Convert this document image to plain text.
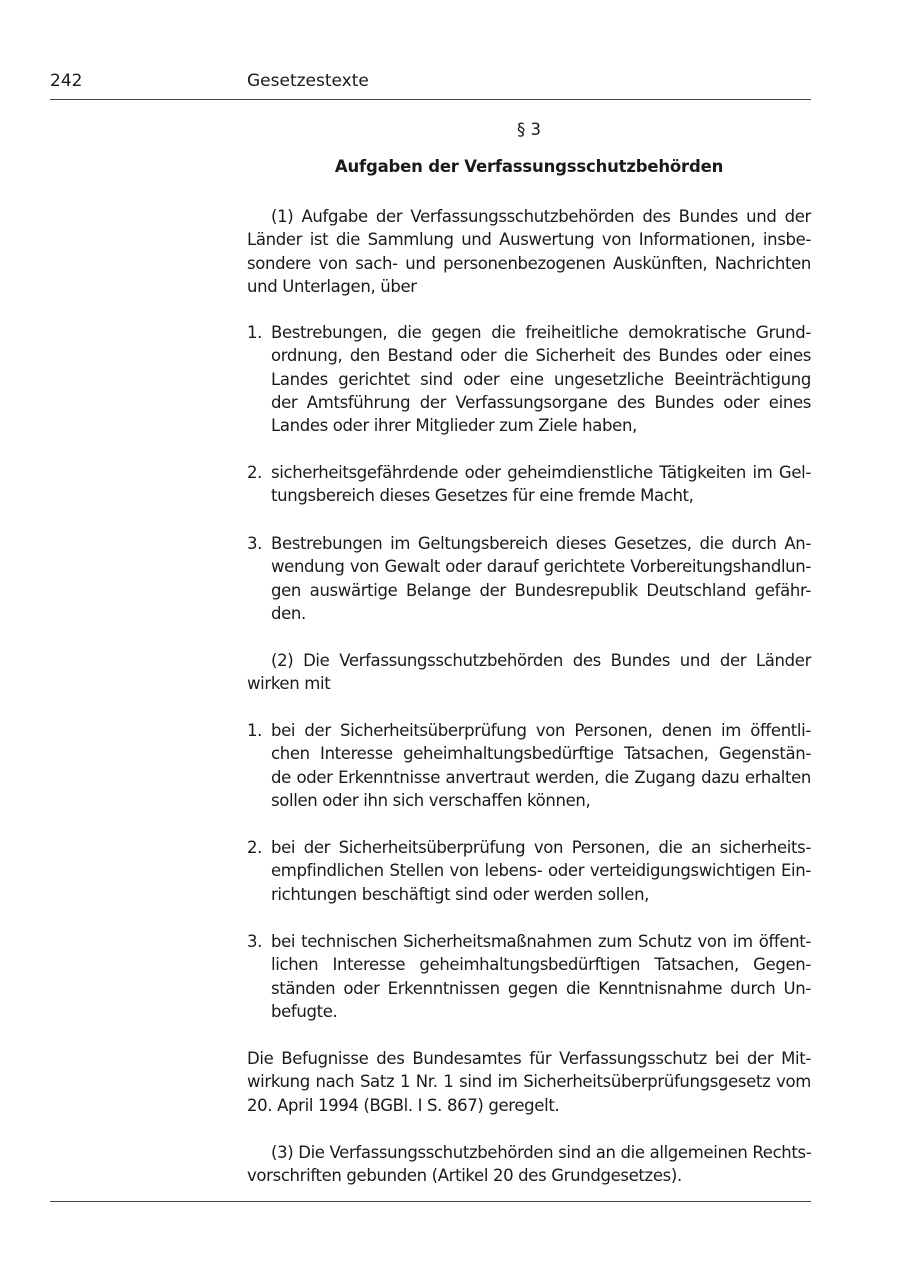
242	Gesetzestexte
§ 3
Aufgaben der Verfassungsschutzbehörden
(1) Aufgabe der Verfassungsschutzbehörden des Bundes und der
Länder ist die Sammlung und Auswertung von Informationen, insbe-
sondere von sach- und personenbezogenen Auskünften, Nachrichten
und Unterlagen, über
1. Bestrebungen, die gegen die freiheitliche demokratische Grund-
ordnung, den Bestand oder die Sicherheit des Bundes oder eines
Landes gerichtet sind oder eine ungesetzliche Beeinträchtigung
der Amtsführung der Verfassungsorgane des Bundes oder eines
Landes oder ihrer Mitglieder zum Ziele haben,
2. sicherheitsgefährdende oder geheimdienstliche Tätigkeiten im Gel-
tungsbereich dieses Gesetzes für eine fremde Macht,
3. Bestrebungen im Geltungsbereich dieses Gesetzes, die durch An-
wendung von Gewalt oder darauf gerichtete Vorbereitungshandlun-
gen auswärtige Belange der Bundesrepublik Deutschland gefähr-
den.
(2) Die Verfassungsschutzbehörden des Bundes und der Länder
wirken mit
1. bei der Sicherheitsüberprüfung von Personen, denen im öffentli-
chen Interesse geheimhaltungsbedürftige Tatsachen, Gegenstän-
de oder Erkenntnisse anvertraut werden, die Zugang dazu erhalten
sollen oder ihn sich verschaffen können,
2. bei der Sicherheitsüberprüfung von Personen, die an sicherheits-
empfindlichen Stellen von lebens- oder verteidigungswichtigen Ein-
richtungen beschäftigt sind oder werden sollen,
3. bei technischen Sicherheitsmaßnahmen zum Schutz von im öffent-
lichen Interesse geheimhaltungsbedürftigen Tatsachen, Gegen-
ständen oder Erkenntnissen gegen die Kenntnisnahme durch Un-
befugte.
Die Befugnisse des Bundesamtes für Verfassungsschutz bei der Mit-
wirkung nach Satz 1 Nr. 1 sind im Sicherheitsüberprüfungsgesetz vom
20. April 1994 (BGBl. I S. 867) geregelt.
(3) Die Verfassungsschutzbehörden sind an die allgemeinen Rechts-
vorschriften gebunden (Artikel 20 des Grundgesetzes).
